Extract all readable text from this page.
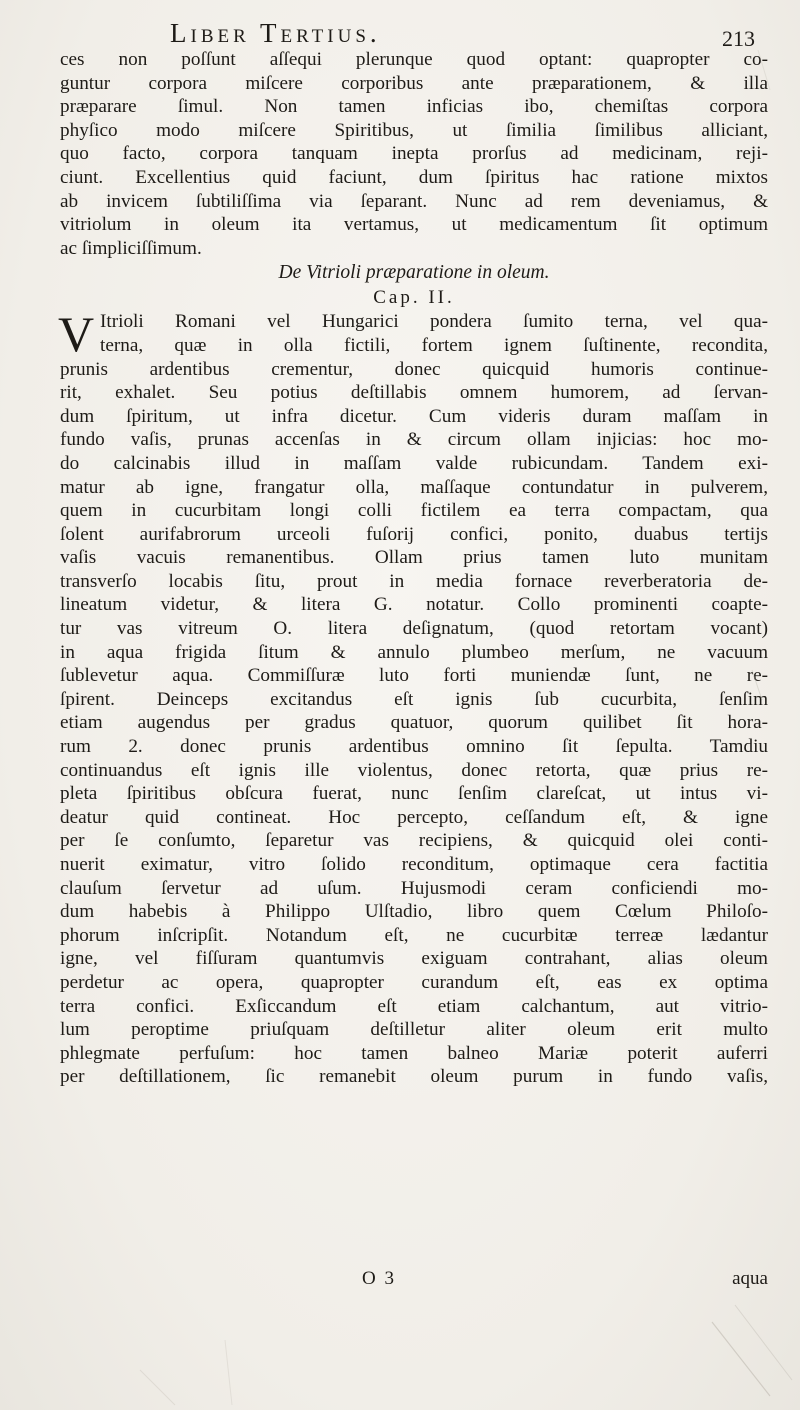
Liber Tertius.	213
ces non poſſunt aſſequi plerunque quod optant: quapropter co-
guntur corpora miſcere corporibus ante præparationem, & illa
præparare ſimul. Non tamen inficias ibo, chemiſtas corpora
phyſico modo miſcere Spiritibus, ut ſimilia ſimilibus alliciant,
quo facto, corpora tanquam inepta prorſus ad medicinam, reji-
ciunt. Excellentius quid faciunt, dum ſpiritus hac ratione mixtos
ab invicem ſubtiliſſima via ſeparant. Nunc ad rem deveniamus, &
vitriolum in oleum ita vertamus, ut medicamentum ſit optimum
ac ſimpliciſſimum.
De Vitrioli præparatione in oleum.
Cap. II.
V Itrioli Romani vel Hungarici pondera ſumito terna, vel qua-
terna, quæ in olla fictili, fortem ignem ſuſtinente, recondita,
prunis ardentibus crementur, donec quicquid humoris continue-
rit, exhalet. Seu potius deſtillabis omnem humorem, ad ſervan-
dum ſpiritum, ut infra dicetur. Cum videris duram maſſam in
fundo vaſis, prunas accenſas in & circum ollam injicias: hoc mo-
do calcinabis illud in maſſam valde rubicundam. Tandem exi-
matur ab igne, frangatur olla, maſſaque contundatur in pulverem,
quem in cucurbitam longi colli fictilem ea terra compactam, qua
ſolent aurifabrorum urceoli fuſorij confici, ponito, duabus tertijs
vaſis vacuis remanentibus. Ollam prius tamen luto munitam
transverſo locabis ſitu, prout in media fornace reverberatoria de-
lineatum videtur, & litera G. notatur. Collo prominenti coapte-
tur vas vitreum O. litera deſignatum, (quod retortam vocant)
in aqua frigida ſitum & annulo plumbeo merſum, ne vacuum
ſublevetur aqua. Commiſſuræ luto forti muniendæ ſunt, ne re-
ſpirent. Deinceps excitandus eſt ignis ſub cucurbita, ſenſim
etiam augendus per gradus quatuor, quorum quilibet ſit hora-
rum 2. donec prunis ardentibus omnino ſit ſepulta. Tamdiu
continuandus eſt ignis ille violentus, donec retorta, quæ prius re-
pleta ſpiritibus obſcura fuerat, nunc ſenſim clareſcat, ut intus vi-
deatur quid contineat. Hoc percepto, ceſſandum eſt, & igne
per ſe conſumto, ſeparetur vas recipiens, & quicquid olei conti-
nuerit eximatur, vitro ſolido reconditum, optimaque cera factitia
clauſum ſervetur ad uſum. Hujusmodi ceram conficiendi mo-
dum habebis à Philippo Ulſtadio, libro quem Cœlum Philoſo-
phorum inſcripſit. Notandum eſt, ne cucurbitæ terreæ lædantur
igne, vel fiſſuram quantumvis exiguam contrahant, alias oleum
perdetur ac opera, quapropter curandum eſt, eas ex optima
terra confici. Exſiccandum eſt etiam calchantum, aut vitrio-
lum peroptime priuſquam deſtilletur aliter oleum erit multo
phlegmate perfuſum: hoc tamen balneo Mariæ poterit auferri
per deſtillationem, ſic remanebit oleum purum in fundo vaſis,
O 3	aqua
